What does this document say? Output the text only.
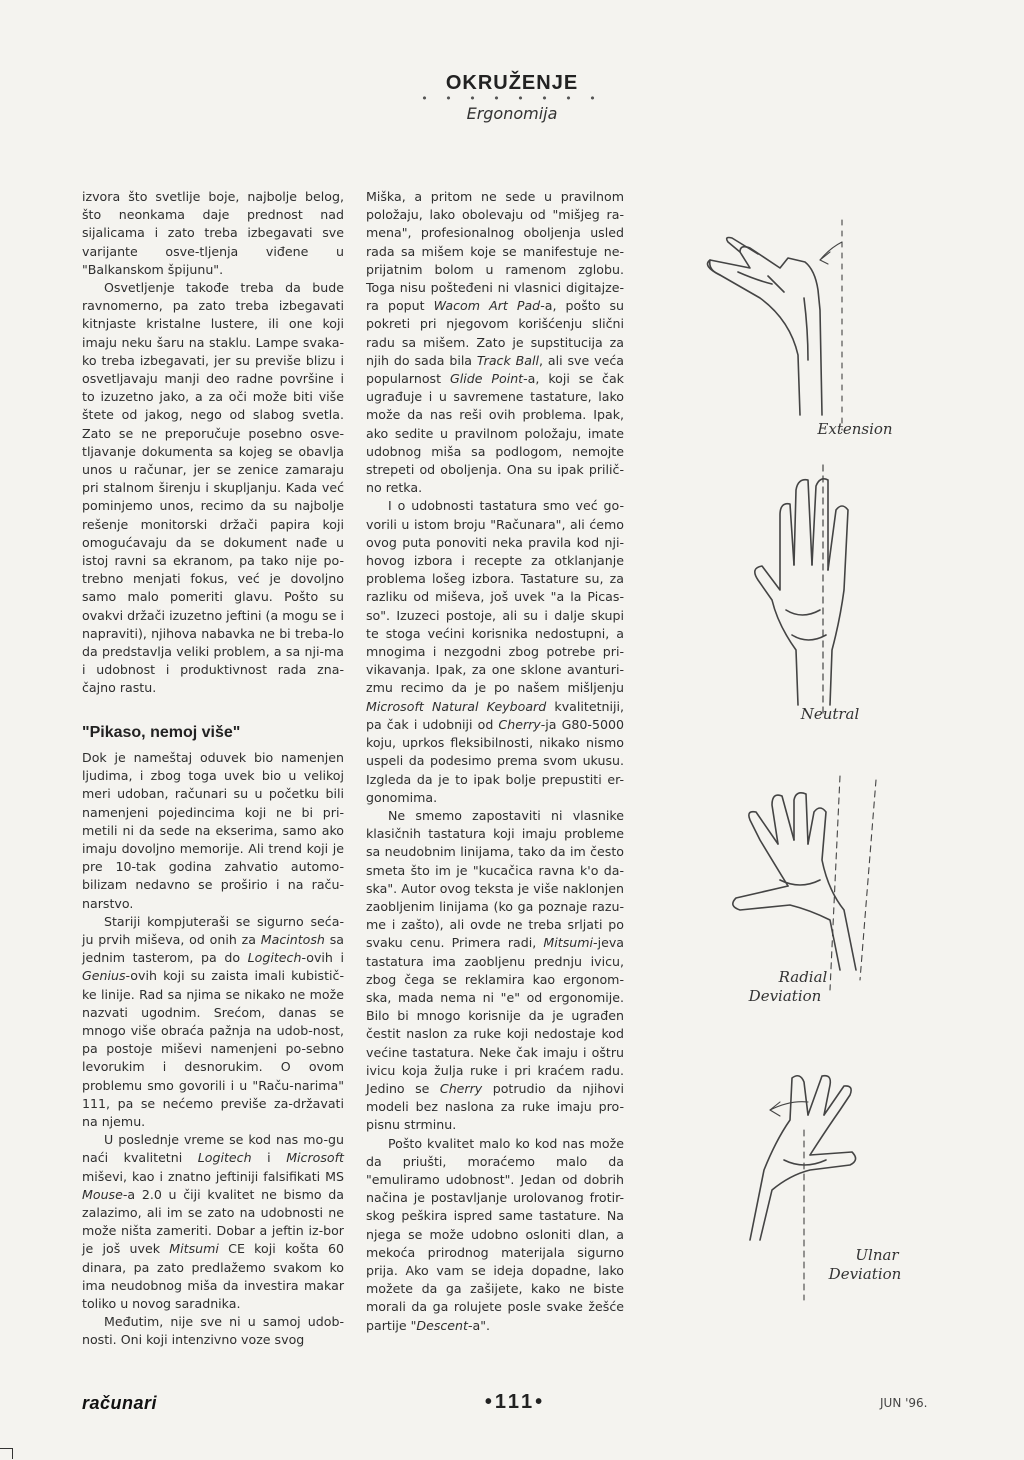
OKRUŽENJE
• • • • • • • •
Ergonomija

izvora što svetlije boje, najbolje belog, što neonkama daje prednost nad sijalicama i zato treba izbegavati sve varijante osve-tljenja viđene u "Balkanskom špijunu".

Osvetljenje takođe treba da bude ravnomerno, pa zato treba izbegavati kitnjaste kristalne lustere, ili one koji imaju neku šaru na staklu. Lampe svaka-ko treba izbegavati, jer su previše blizu i osvetljavaju manji deo radne površine i to izuzetno jako, a za oči može biti više štete od jakog, nego od slabog svetla. Zato se ne preporučuje posebno osve-tljavanje dokumenta sa kojeg se obavlja unos u računar, jer se zenice zamaraju pri stalnom širenju i skupljanju. Kada već pominjemo unos, recimo da su najbolje rešenje monitorski držači papira koji omogućavaju da se dokument nađe u istoj ravni sa ekranom, pa tako nije po-trebno menjati fokus, već je dovoljno samo malo pomeriti glavu. Pošto su ovakvi držači izuzetno jeftini (a mogu se i napraviti), njihova nabavka ne bi treba-lo da predstavlja veliki problem, a sa nji-ma i udobnost i produktivnost rada zna-čajno rastu.

"Pikaso, nemoj više"

Dok je nameštaj oduvek bio namenjen ljudima, i zbog toga uvek bio u velikoj meri udoban, računari su u početku bili namenjeni pojedincima koji ne bi pri-metili ni da sede na ekserima, samo ako imaju dovoljno memorije. Ali trend koji je pre 10-tak godina zahvatio automo-bilizam nedavno se proširio i na raču-narstvo.

Stariji kompjuteraši se sigurno seća-ju prvih miševa, od onih za Macintosh sa jednim tasterom, pa do Logitech-ovih i Genius-ovih koji su zaista imali kubistič-ke linije. Rad sa njima se nikako ne može nazvati ugodnim. Srećom, danas se mnogo više obraća pažnja na udob-nost, pa postoje miševi namenjeni po-sebno levorukim i desnorukim. O ovom problemu smo govorili i u "Raču-narima" 111, pa se nećemo previše za-državati na njemu.

U poslednje vreme se kod nas mo-gu naći kvalitetni Logitech i Microsoft miševi, kao i znatno jeftiniji falsifikati MS Mouse-a 2.0 u čiji kvalitet ne bismo da zalazimo, ali im se zato na udobnosti ne može ništa zameriti. Dobar a jeftin iz-bor je još uvek Mitsumi CE koji košta 60 dinara, pa zato predlažemo svakom ko ima neudobnog miša da investira makar toliko u novog saradnika.

Međutim, nije sve ni u samoj udob-nosti. Oni koji intenzivno voze svog

Miška, a pritom ne sede u pravilnom položaju, lako obolevaju od "mišjeg ra-mena", profesionalnog oboljenja usled rada sa mišem koje se manifestuje ne-prijatnim bolom u ramenom zglobu. Toga nisu pošteđeni ni vlasnici digitajze-ra poput Wacom Art Pad-a, pošto su pokreti pri njegovom korišćenju slični radu sa mišem. Zato je supstitucija za njih do sada bila Track Ball, ali sve veća popularnost Glide Point-a, koji se čak ugrađuje i u savremene tastature, lako može da nas reši ovih problema. Ipak, ako sedite u pravilnom položaju, imate udobnog miša sa podlogom, nemojte strepeti od oboljenja. Ona su ipak prilič-no retka.

I o udobnosti tastatura smo već go-vorili u istom broju "Računara", ali ćemo ovog puta ponoviti neka pravila kod nji-hovog izbora i recepte za otklanjanje problema lošeg izbora. Tastature su, za razliku od miševa, još uvek "a la Picas-so". Izuzeci postoje, ali su i dalje skupi te stoga većini korisnika nedostupni, a mnogima i nezgodni zbog potrebe pri-vikavanja. Ipak, za one sklone avanturi-zmu recimo da je po našem mišljenju Microsoft Natural Keyboard kvalitetniji, pa čak i udobniji od Cherry-ja G80-5000 koju, uprkos fleksibilnosti, nikako nismo uspeli da podesimo prema svom ukusu. Izgleda da je to ipak bolje prepustiti er-gonomima.

Ne smemo zapostaviti ni vlasnike klasičnih tastatura koji imaju probleme sa neudobnim linijama, tako da im često smeta što im je "kucačica ravna k'o da-ska". Autor ovog teksta je više naklonjen zaobljenim linijama (ko ga poznaje razu-me i zašto), ali ovde ne treba srljati po svaku cenu. Primera radi, Mitsumi-jeva tastatura ima zaobljenu prednju ivicu, zbog čega se reklamira kao ergonom-ska, mada nema ni "e" od ergonomije. Bilo bi mnogo korisnije da je ugrađen čestit naslon za ruke koji nedostaje kod većine tastatura. Neke čak imaju i oštru ivicu koja žulja ruke i pri kraćem radu. Jedino se Cherry potrudio da njihovi modeli bez naslona za ruke imaju pro-pisnu strminu.

Pošto kvalitet malo ko kod nas može da priušti, moraćemo malo da "emuliramo udobnost". Jedan od dobrih načina je postavljanje urolovanog frotir-skog peškira ispred same tastature. Na njega se može udobno osloniti dlan, a mekoća prirodnog materijala sigurno prija. Ako vam se ideja dopadne, lako možete da ga zašijete, kako ne biste morali da ga rolujete posle svake žešće partije "Descent-a".

Extension
Neutral
Radial
Deviation
Ulnar
Deviation
računari	•111•	JUN '96.
